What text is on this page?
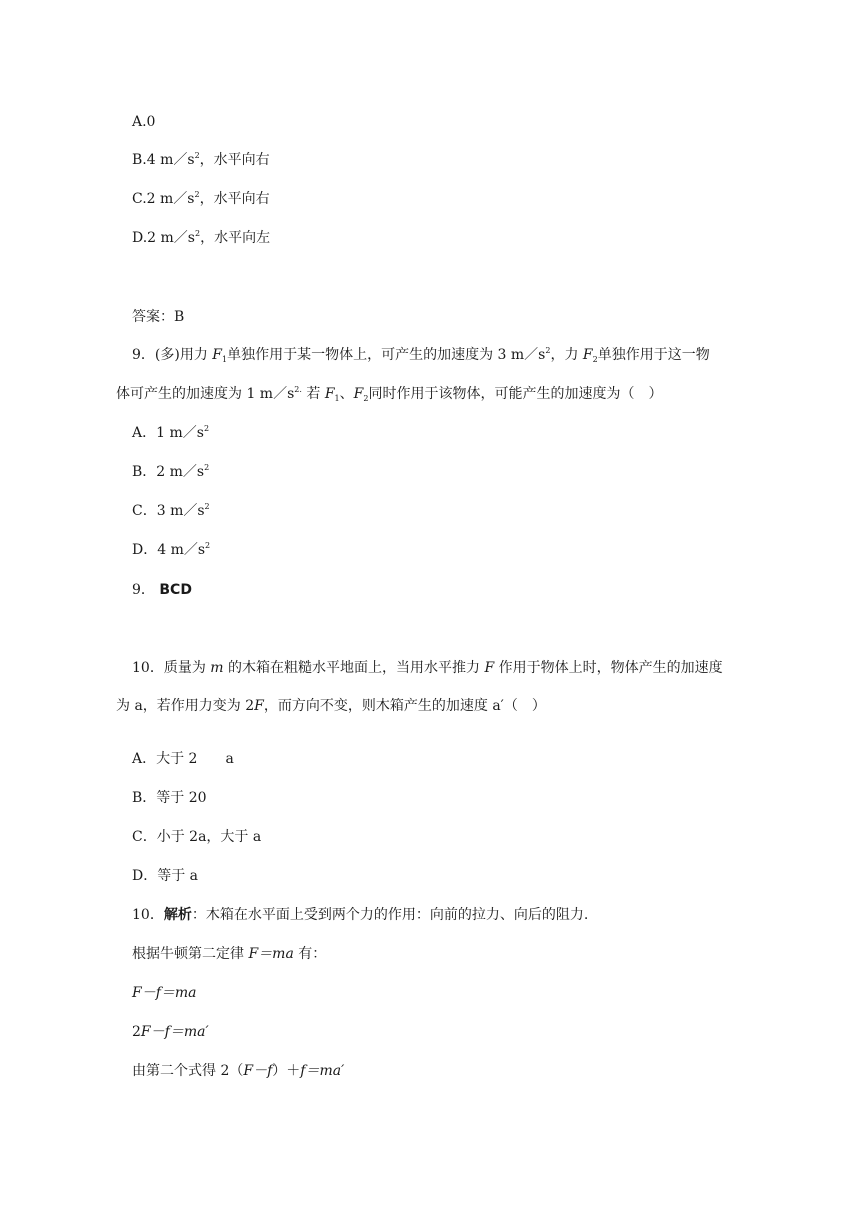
A.0
B.4 $m/s^2$，水平向右
C.2 $m/s^2$，水平向右
D.2 $m/s^2$，水平向左
答案：B
9．(多)用力 $F_1$单独作用于某一物体上，可产生的加速度为 3 $m/s^2$，力 $F_2$单独作用于这一物
体可产生的加速度为 1 $m/s^{2.}$ 若 $F_1$、$F_2$同时作用于该物体，可能产生的加速度为（　）
A．1 $m/s^2$
B．2 $m/s^2$
C．3 $m/s^2$
D．4 $m/s^2$
9． BCD
10．质量为 m 的木箱在粗糙水平地面上，当用水平推力 F 作用于物体上时，物体产生的加速度
为 a，若作用力变为 2F，而方向不变，则木箱产生的加速度 a′（　）
A．大于 2　　a
B．等于 20
C．小于 2a，大于 a
D．等于 a
10．解析：木箱在水平面上受到两个力的作用：向前的拉力、向后的阻力.
根据牛顿第二定律 F＝ma 有：
F－f＝ma
2F－f＝ma′
由第二个式得 2（F－f）＋f＝ma′
